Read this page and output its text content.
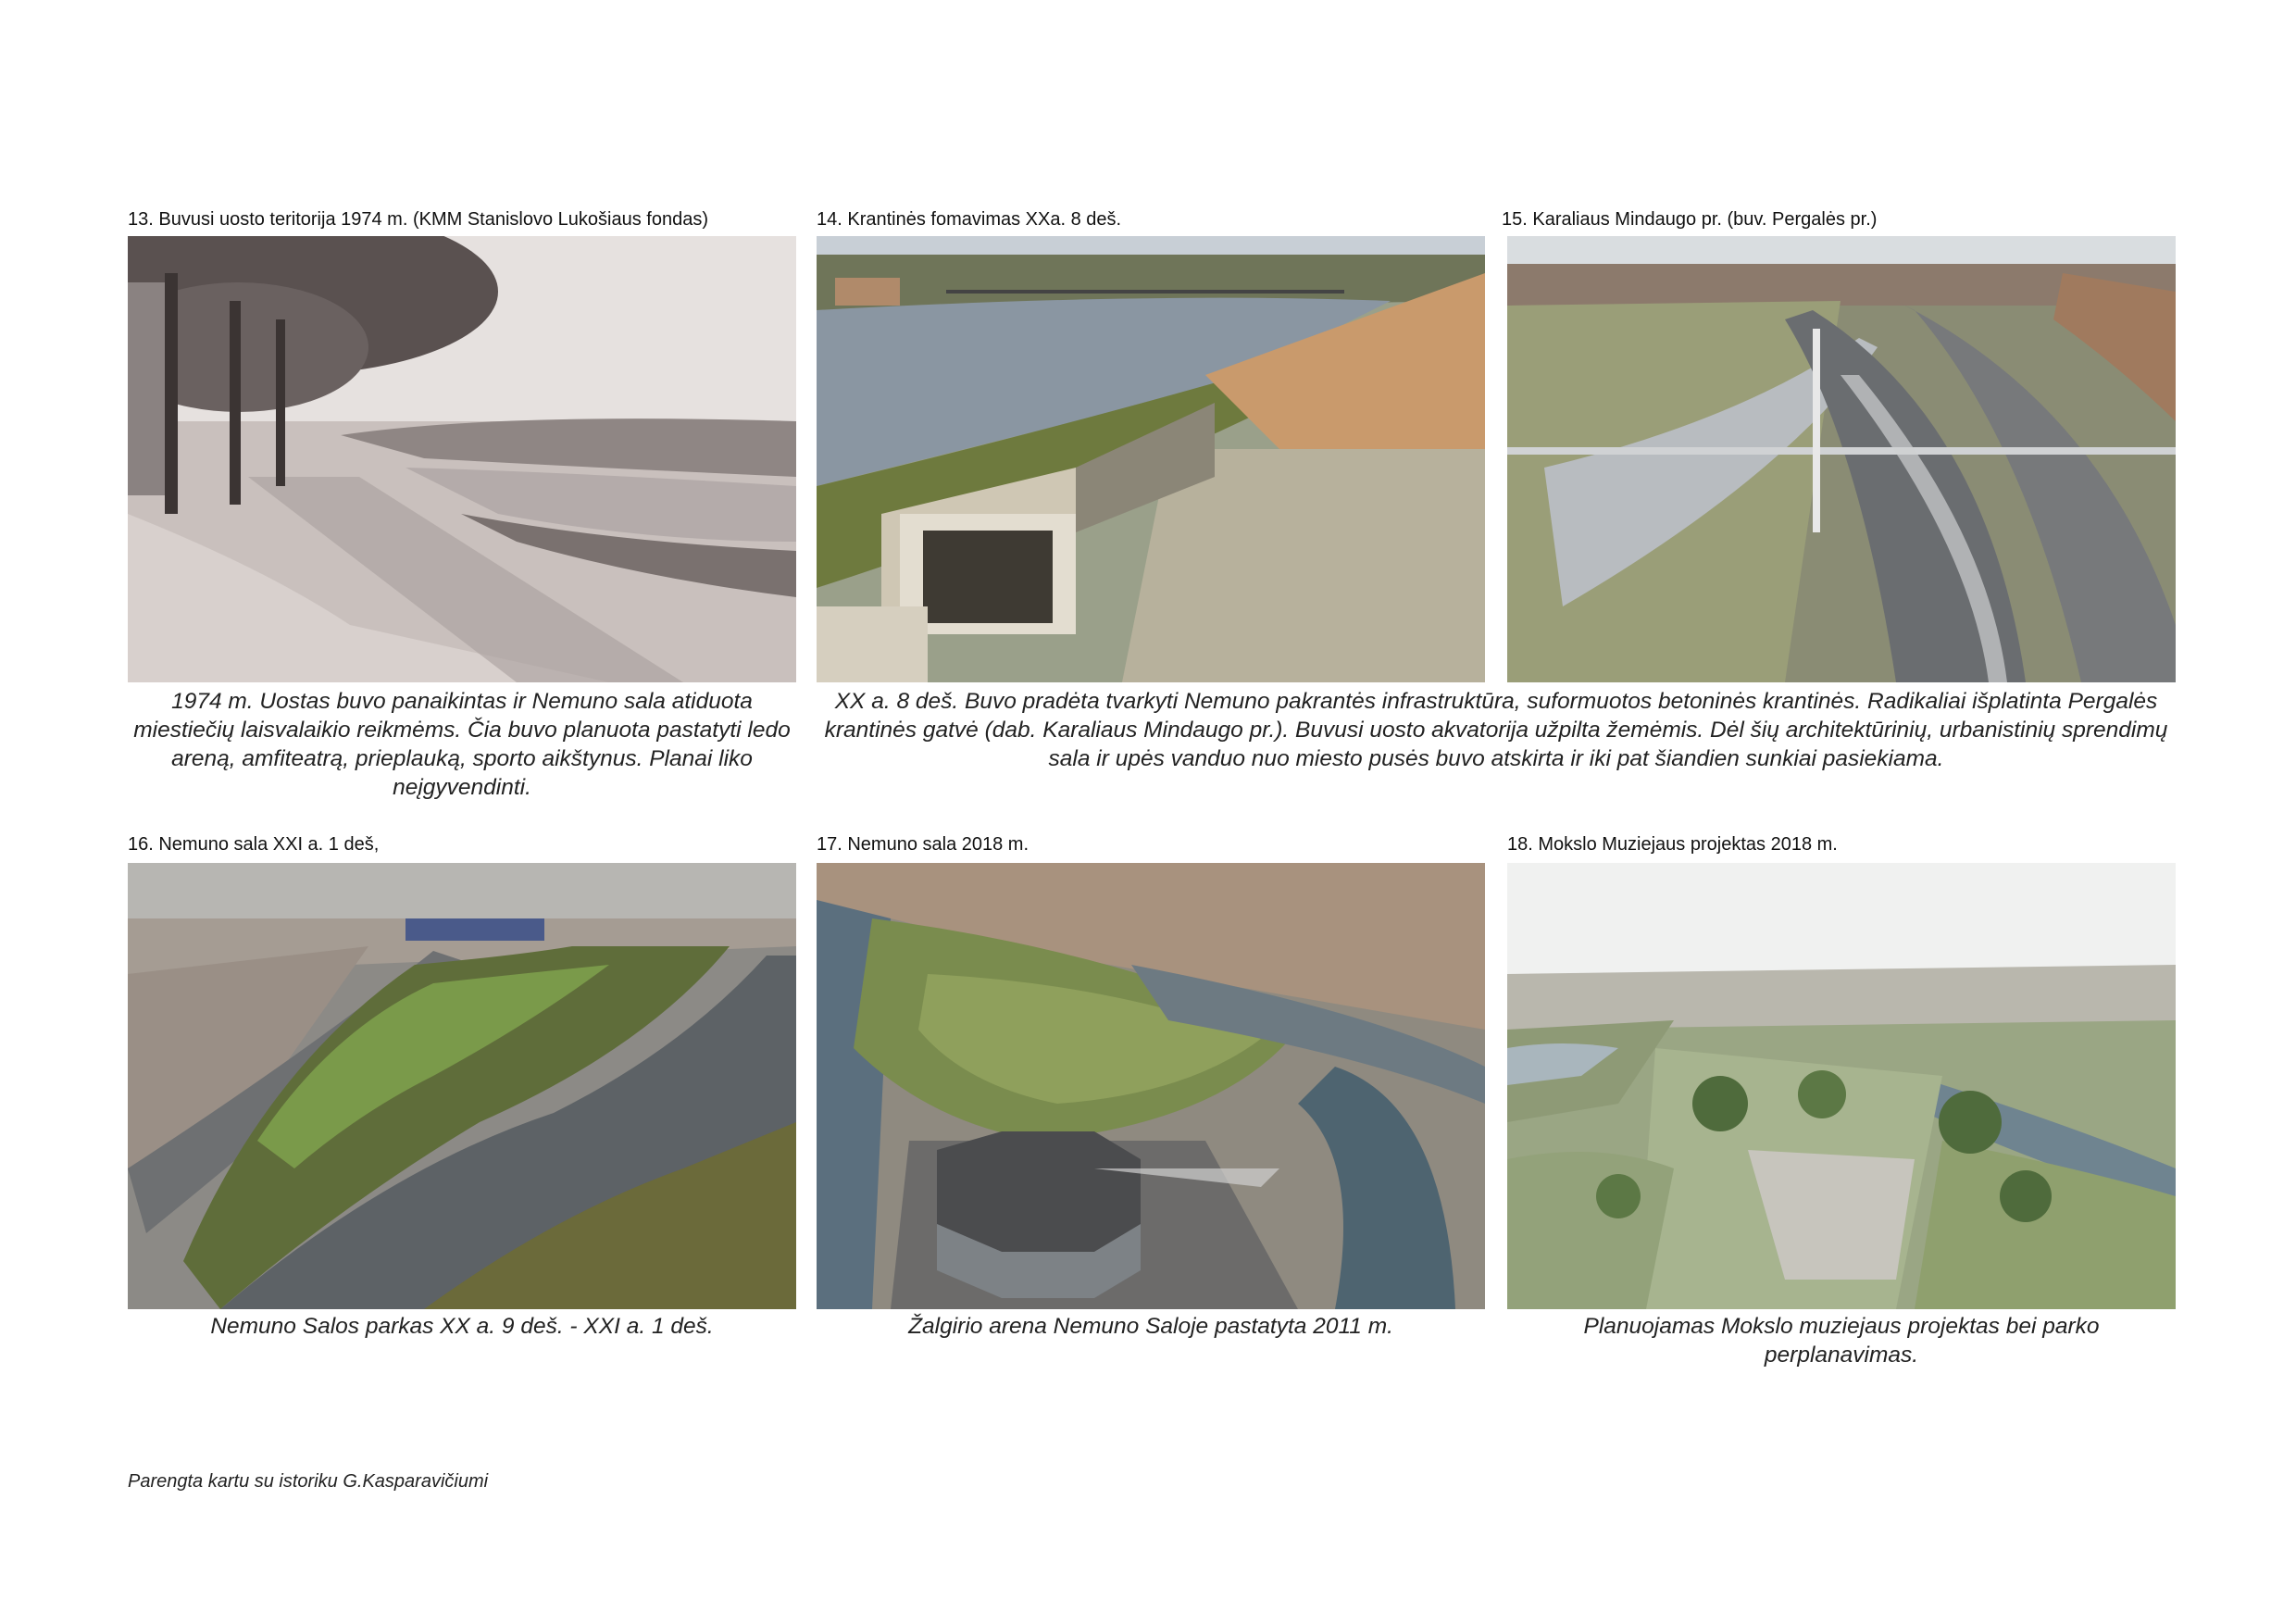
13. Buvusi uosto teritorija 1974 m. (KMM Stanislovo Lukošiaus fondas)	14. Krantinės fomavimas XXa. 8 deš.	15. Karaliaus Mindaugo pr. (buv. Pergalės pr.)
1974 m. Uostas buvo panaikintas ir Nemuno sala atiduota miestiečių laisvalaikio reikmėms. Čia buvo planuota pastatyti ledo areną, amfiteatrą, prieplauką, sporto aikštynus. Planai liko neįgyvendinti.
XX a. 8 deš. Buvo pradėta tvarkyti Nemuno pakrantės infrastruktūra, suformuotos betoninės krantinės. Radikaliai išplatinta Pergalės krantinės gatvė (dab. Karaliaus Mindaugo pr.). Buvusi uosto akvatorija užpilta žemėmis. Dėl šių architektūrinių, urbanistinių sprendimų sala ir upės vanduo nuo miesto pusės buvo atskirta ir iki pat šiandien sunkiai pasiekiama.
16. Nemuno sala XXI a. 1 deš,	17. Nemuno sala 2018 m.	18. Mokslo Muziejaus projektas 2018 m.
Nemuno Salos parkas XX a. 9 deš. - XXI a. 1 deš.	Žalgirio arena Nemuno Saloje pastatyta 2011 m.	Planuojamas Mokslo muziejaus projektas bei parko perplanavimas.
Parengta kartu su istoriku G.Kasparavičiumi
